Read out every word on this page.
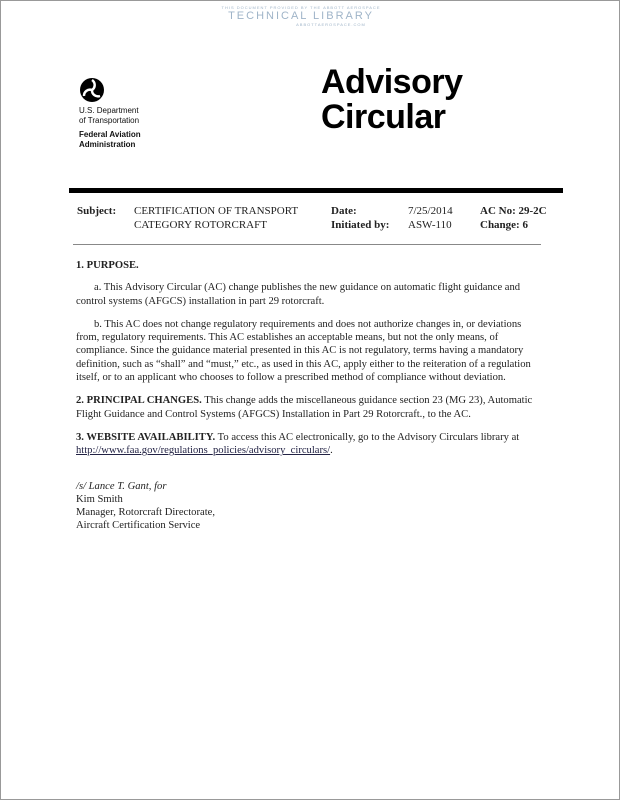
THIS DOCUMENT PROVIDED BY THE ABBOTT AEROSPACE
TECHNICAL LIBRARY
ABBOTTAEROSPACE.COM
U.S. Department
of Transportation
Federal Aviation
Administration
Advisory
Circular
Subject: CERTIFICATION OF TRANSPORT
CATEGORY ROTORCRAFT
Date:
Initiated by:
7/25/2014
ASW-110
AC No: 29-2C
Change: 6

1. PURPOSE.

a. This Advisory Circular (AC) change publishes the new guidance on automatic flight guidance and control systems (AFGCS) installation in part 29 rotorcraft.

b. This AC does not change regulatory requirements and does not authorize changes in, or deviations from, regulatory requirements. This AC establishes an acceptable means, but not the only means, of compliance. Since the guidance material presented in this AC is not regulatory, terms having a mandatory definition, such as “shall” and “must,” etc., as used in this AC, apply either to the reiteration of a regulation itself, or to an applicant who chooses to follow a prescribed method of compliance without deviation.

2. PRINCIPAL CHANGES. This change adds the miscellaneous guidance section 23 (MG 23), Automatic Flight Guidance and Control Systems (AFGCS) Installation in Part 29 Rotorcraft., to the AC.

3. WEBSITE AVAILABILITY. To access this AC electronically, go to the Advisory Circulars library at http://www.faa.gov/regulations_policies/advisory_circulars/.

/s/ Lance T. Gant, for
Kim Smith
Manager, Rotorcraft Directorate,
Aircraft Certification Service
